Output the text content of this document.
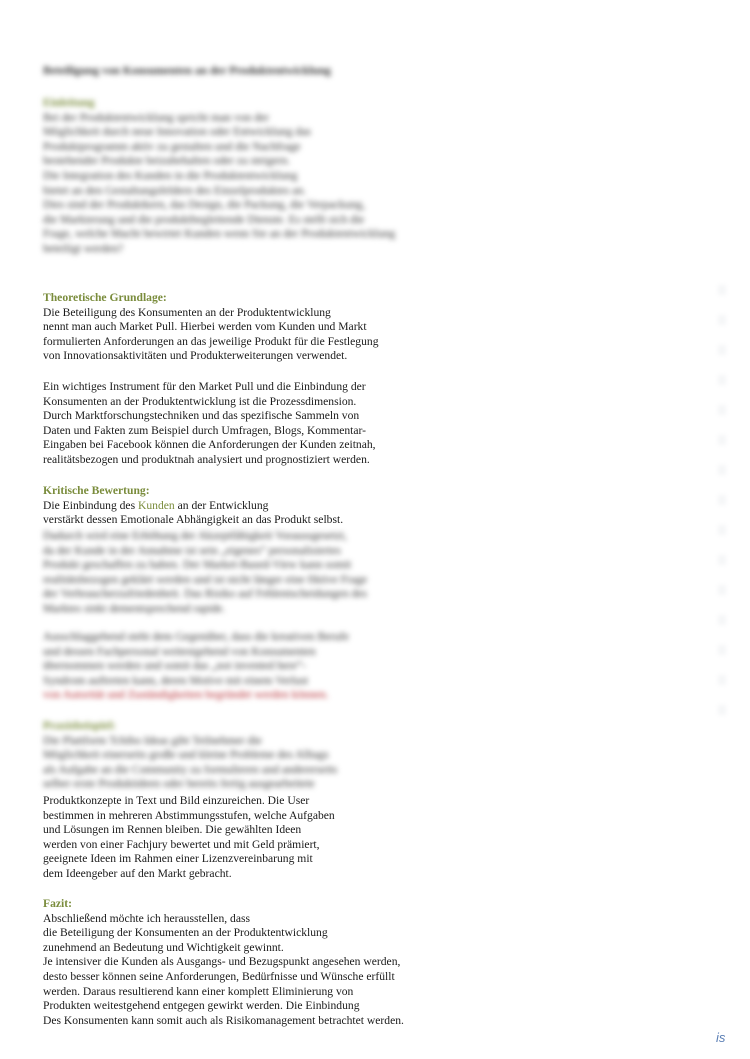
Beteiligung von Konsumenten an der Produktentwicklung
Einleitung
Bei der Produktentwicklung spricht man von der
Möglichkeit durch neue Innovation oder Entwicklung das
Produktprogramm aktiv zu gestalten und die Nachfrage
bestehender Produkte beizubehalten oder zu steigern.
Die Integration des Kunden in die Produktentwicklung
bietet an den Gestaltungsfeldern des Einzelproduktes an.
Dies sind der Produktkern, das Design, die Packung, die Verpackung,
die Markierung und die produktbegleitende Dienste. Es stellt sich die
Frage, welche Macht bewirtet Kunden wenn Sie an der Produktentwicklung
beteiligt werden?
Theoretische Grundlage:
Die Beteiligung des Konsumenten an der Produktentwicklung
nennt man auch Market Pull. Hierbei werden vom Kunden und Markt
formulierten Anforderungen an das jeweilige Produkt für die Festlegung
von Innovationsaktivitäten und Produkterweiterungen verwendet.
Ein wichtiges Instrument für den Market Pull und die Einbindung der
Konsumenten an der Produktentwicklung ist die Prozessdimension.
Durch Marktforschungstechniken und das spezifische Sammeln von
Daten und Fakten zum Beispiel durch Umfragen, Blogs, Kommentar-
Eingaben bei Facebook können die Anforderungen der Kunden zeitnah,
realitätsbezogen und produktnah analysiert und prognostiziert werden.
Kritische Bewertung:
Die Einbindung des Kunden an der Entwicklung
verstärkt dessen Emotionale Abhängigkeit an das Produkt selbst.
Dadurch wird eine Erhöhung der Akzeptfähigkeit Voraussgesetzt,
da der Kunde in der Annahme ist sein „eigenes“ personalisiertes
Produkt geschaffen zu haben. Der Market-Based-View kann somit
realitätsbezogen geklärt werden und ist nicht länger eine fiktive Frage
der Verbraucherzufriedenheit. Das Risiko auf Fehlentscheidungen des
Marktes sinkt dementsprechend rapide.
Ausschlaggebend steht dem Gegenüber, dass die kreativen Berufe
und dessen Fachpersonal weitestgehend von Konsumenten
übernommen werden und somit das „not invented here“-
Syndrom auftreten kann, deren Motive mit einem Verlust
von Autorität und Zuständigkeiten begründet werden können.
Praxisbeispiel:
Die Plattform Tchibo Ideas gibt Teilnehmer die
Möglichkeit einerseits große und kleine Probleme des Alltags
als Aufgabe an die Community zu formulieren und andererseits
selber erste Produktideen oder bereits fertig ausgearbeitete
Produktkonzepte in Text und Bild einzureichen. Die User
bestimmen in mehreren Abstimmungsstufen, welche Aufgaben
und Lösungen im Rennen bleiben. Die gewählten Ideen
werden von einer Fachjury bewertet und mit Geld prämiert,
geeignete Ideen im Rahmen einer Lizenzvereinbarung mit
dem Ideengeber auf den Markt gebracht.
Fazit:
Abschließend möchte ich herausstellen, dass
die Beteiligung der Konsumenten an der Produktentwicklung
zunehmend an Bedeutung und Wichtigkeit gewinnt.
Je intensiver die Kunden als Ausgangs- und Bezugspunkt angesehen werden,
desto besser können seine Anforderungen, Bedürfnisse und Wünsche erfüllt
werden. Daraus resultierend kann einer komplett Eliminierung von
Produkten weitestgehend entgegen gewirkt werden. Die Einbindung
Des Konsumenten kann somit auch als Risikomanagement betrachtet werden.
is
